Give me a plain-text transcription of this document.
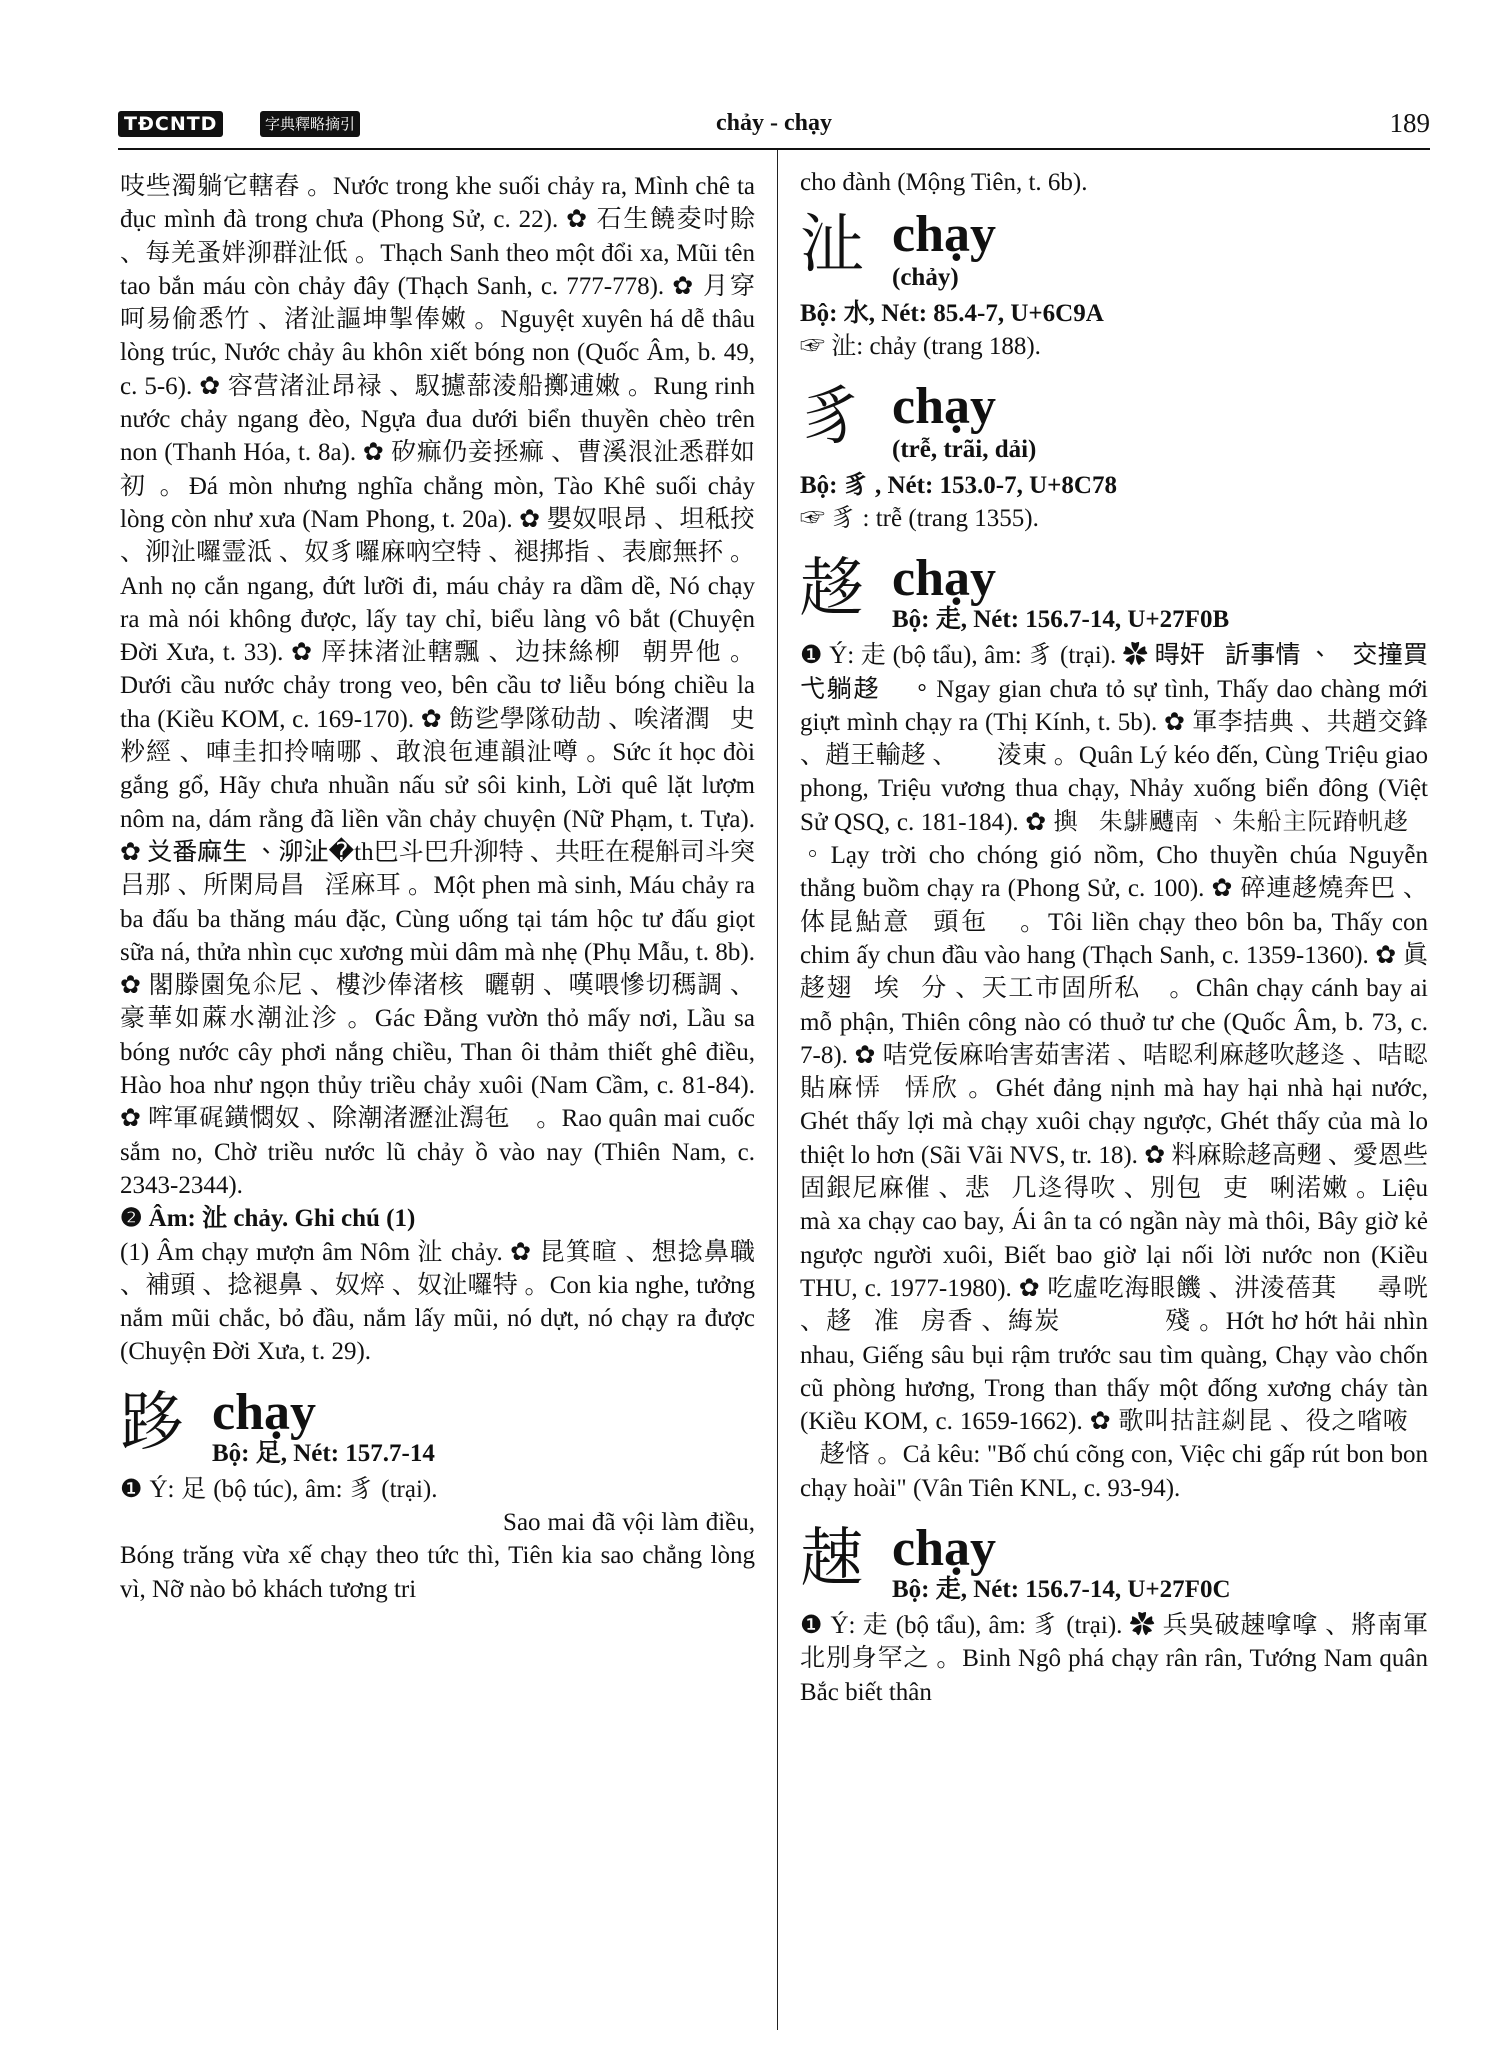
TĐCNTD	字典釋略摘引	chảy - chạy	189

吱些濁躺它轄舂 。Nước trong khe suối chảy ra, Mình chê ta đục mình đà trong chưa (Phong Sử, c. 22). ✿ 石生饒夌吋賒 、每羌蚤姅泖群沚低 。Thạch Sanh theo một đổi xa, Mũi tên tao bắn máu còn chảy đây (Thạch Sanh, c. 777-778). ✿ 月穿呵易偷悉竹 、渚沚謳坤掣俸嫩 。Nguyệt xuyên há dễ thâu lòng trúc, Nước chảy âu khôn xiết bóng non (Quốc Âm, b. 49, c. 5-6). ✿ 容营渚沚昂䘵 、馭攄蔀淩船擲逋嫩 。Rung rinh nước chảy ngang đèo, Ngựa đua dưới biển thuyền chèo trên non (Thanh Hóa, t. 8a). ✿ 矽痲仍妾拯痲 、曹溪泿沚悉群如初 。Đá mòn nhưng nghĩa chẳng mòn, Tào Khê suối chảy lòng còn như xưa (Nam Phong, t. 20a). ✿ 嬰奴哏昂 、坦秪挍 、泖沚囉霊泜 、奴豸囉麻吶空特 、褪挷指 、表廊無抔 。Anh nọ cắn ngang, đứt lưỡi đi, máu chảy ra dầm dề, Nó chạy ra mà nói không được, lấy tay chỉ, biểu làng vô bắt (Chuyện Đời Xưa, t. 33). ✿ 厗抹渚沚轄飄 、边抹絲柳𩄎朝畀他 。Dưới cầu nước chảy trong veo, bên cầu tơ liễu bóng chiều la tha (Kiều KOM, c. 169-170). ✿ 飭乷學隊劯劼 、唉渚潤𤉚史粆經 、唓圭扣拎喃哪 、敢浪㐌連韻沚噂 。Sức ít học đòi gắng gổ, Hãy chưa nhuần nấu sử sôi kinh, Lời quê lặt lượm nôm na, dám rằng đã liền vần chảy chuyện (Nữ Phạm, t. Tựa). ✿ 𠬠番麻生 、泖沚�th巴斗巴升泖特 、共旺在䅠斛司斗突吕那 、所閑局昌𦓡淫麻耳 。Một phen mà sinh, Máu chảy ra ba đấu ba thăng máu đặc, Cùng uống tại tám hộc tư đấu giọt sữa ná, thửa nhìn cục xương mùi dâm mà nhẹ (Phụ Mẫu, t. 8b). ✿ 閣滕園兔𠇍尼 、樓沙俸渚核𣊾曬朝 、嘆喂慘切𥡗調 、豪華如蔴水潮沚沴 。Gác Đằng vườn thỏ mấy nơi, Lầu sa bóng nước cây phơi nắng chiều, Than ôi thảm thiết ghê điều, Hào hoa như ngọn thủy triều chảy xuôi (Nam Cầm, c. 81-84). ✿ 哰軍𥒮鐄㦖奴 、除潮渚瀝沚澙㐌𠸗 。Rao quân mai cuốc sắm no, Chờ triều nước lũ chảy ồ vào nay (Thiên Nam, c. 2343-2344).

❷ Âm: 沚 chảy. Ghi chú (1)

(1) Âm chạy mượn âm Nôm 沚 chảy. ✿ 昆箕暄 、想捻鼻職 、補頭 、捻褪鼻 、奴焠 、奴沚囉特 。Con kia nghe, tưởng nắm mũi chắc, bỏ đầu, nắm lấy mũi, nó dựt, nó chạy ra được (Chuyện Đời Xưa, t. 29).

跢 chạy
Bộ: 足, Nét: 157.7-14

❶ Ý: 足 (bộ túc), âm: 豸 (trại). ✿ 𣊾枚㐌倍夕調 、膵膝皮熾跢曉息辰 、仙箕牢庄悉為 、女市補客相知朱停 。Sao mai đã vội làm điều, Bóng trăng vừa xế chạy theo tức thì, Tiên kia sao chẳng lòng vì, Nỡ nào bỏ khách tương tri

cho đành (Mộng Tiên, t. 6b).

沚 chạy
(chảy)

Bộ: 水, Nét: 85.4-7, U+6C9A

☞ 沚: chảy (trang 188).

豸 chạy
(trễ, trãi, dải)

Bộ: 豸 , Nét: 153.0-7, U+8C78

☞ 豸 : trễ (trang 1355).

趍 chạy
Bộ: 走, Nét: 156.7-14, U+27F0B

❶ Ý: 走 (bộ tẩu), âm: 豸 (trại). ✿ 𣈜奸𥹰訢事情 、𥆾交撞買弋躺趍𨇜 。Ngay gian chưa tỏ sự tình, Thấy dao chàng mới giựt mình chạy ra (Thị Kính, t. 5b). ✿ 軍李拮典 、共趙交鋒 、趙王輸趍 、𨇒𧿆淩東 。Quân Lý kéo đến, Cùng Triệu giao phong, Triệu vương thua chạy, Nhảy xuống biển đông (Việt Sử QSQ, c. 181-184). ✿ 𢷣𡗶朱𪁹𩘯南 、朱船主阮蹐帆趍𠚢 。Lạy trời cho chóng gió nồm, Cho thuyền chúa Nguyễn thẳng buồm chạy ra (Phong Sử, c. 100). ✿ 碎連趍燒奔巴 、体昆鮎意𪶔頭㐌𡍚 。Tôi liền chạy theo bôn ba, Thấy con chim ấy chun đầu vào hang (Thạch Sanh, c. 1359-1360). ✿ 眞趍翅𨆠埃𦓡分 、天工市固所私𩅹 。Chân chạy cánh bay ai mỗ phận, Thiên công nào có thuở tư che (Quốc Âm, b. 73, c. 7-8). ✿ 咭党佞麻咍害茹害渃 、咭𥆾利麻趍吹趍𨒟 、咭𥆾貼麻𢙱𡖼𢙱欣 。Ghét đảng nịnh mà hay hại nhà hại nước, Ghét thấy lợi mà chạy xuôi chạy ngược, Ghét thấy của mà lo thiệt lo hơn (Sãi Vãi NVS, tr. 18). ✿ 料麻賒趍高𦑃 、愛恩些固銀尼麻催 、悲𣇞几𨒟得吹 、別包𣇞吏𦋦唎渃嫩 。Liệu mà xa chạy cao bay, Ái ân ta có ngần này mà thôi, Bây giờ kẻ ngược người xuôi, Biết bao giờ lại nối lời nước non (Kiều THU, c. 1977-1980). ✿ 吃虛吃海眼饑 、汫淩蓓萁𦝄𪠞尋咣 、趍𠓨准𩁱房香 、䋦炭𥆾𡨹𢷀𩩖𤈜殘 。Hớt hơ hớt hải nhìn nhau, Giếng sâu bụi rậm trước sau tìm quàng, Chạy vào chốn cũ phòng hương, Trong than thấy một đống xương cháy tàn (Kiều KOM, c. 1659-1662). ✿ 歌叫𢫈註𠟡昆 、役之㗂㖡𨀈𨀈趍悋 。Cả kêu: "Bố chú cõng con, Việc chi gấp rút bon bon chạy hoài" (Vân Tiên KNL, c. 93-94).

趚 chạy
Bộ: 走, Nét: 156.7-14, U+27F0C

❶ Ý: 走 (bộ tẩu), âm: 豸 (trại). ✿ 兵吳破趚嗱嗱 、將南軍北別身罕之 。Binh Ngô phá chạy rân rân, Tướng Nam quân Bắc biết thân
